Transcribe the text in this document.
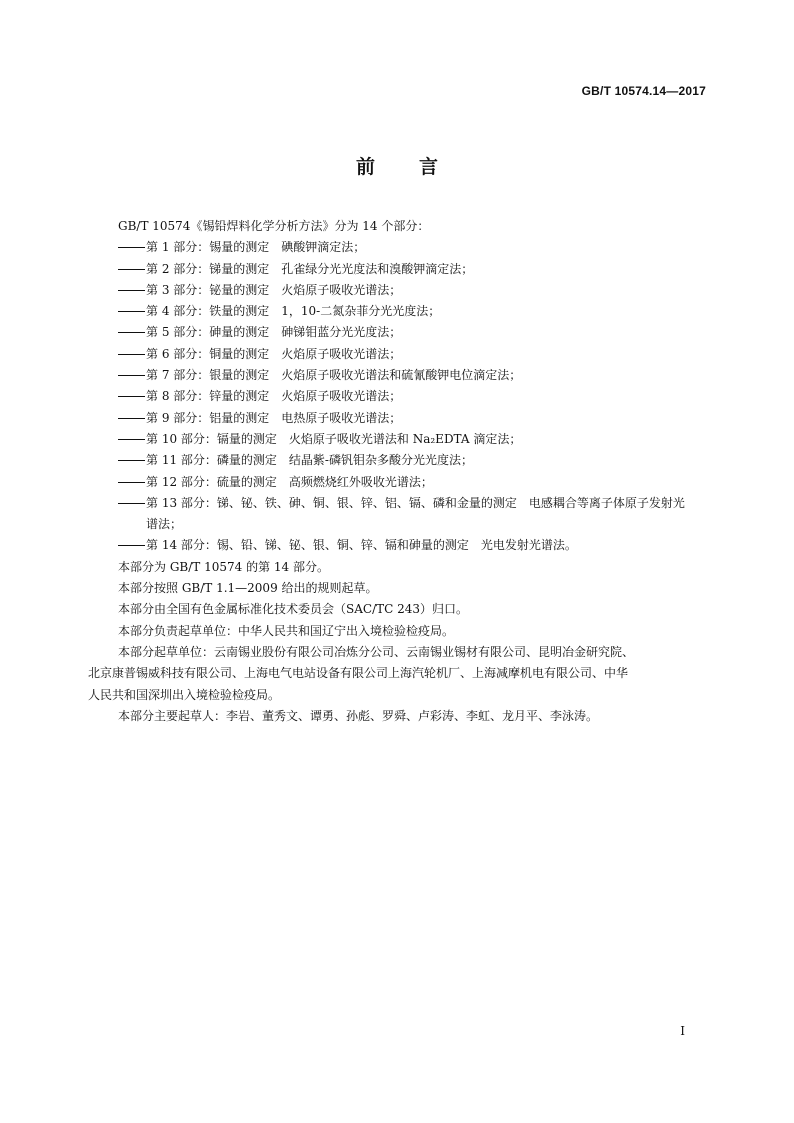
GB/T 10574.14—2017
前 言
GB/T 10574《锡铅焊料化学分析方法》分为 14 个部分：
第 1 部分：锡量的测定　碘酸钾滴定法；
第 2 部分：锑量的测定　孔雀绿分光光度法和溴酸钾滴定法；
第 3 部分：铋量的测定　火焰原子吸收光谱法；
第 4 部分：铁量的测定　1，10-二氮杂菲分光光度法；
第 5 部分：砷量的测定　砷锑钼蓝分光光度法；
第 6 部分：铜量的测定　火焰原子吸收光谱法；
第 7 部分：银量的测定　火焰原子吸收光谱法和硫氰酸钾电位滴定法；
第 8 部分：锌量的测定　火焰原子吸收光谱法；
第 9 部分：铝量的测定　电热原子吸收光谱法；
第 10 部分：镉量的测定　火焰原子吸收光谱法和 Na₂EDTA 滴定法；
第 11 部分：磷量的测定　结晶紫-磷钒钼杂多酸分光光度法；
第 12 部分：硫量的测定　高频燃烧红外吸收光谱法；
第 13 部分：锑、铋、铁、砷、铜、银、锌、铝、镉、磷和金量的测定　电感耦合等离子体原子发射光
谱法；
第 14 部分：锡、铅、锑、铋、银、铜、锌、镉和砷量的测定　光电发射光谱法。
本部分为 GB/T 10574 的第 14 部分。
本部分按照 GB/T 1.1—2009 给出的规则起草。
本部分由全国有色金属标准化技术委员会（SAC/TC 243）归口。
本部分负责起草单位：中华人民共和国辽宁出入境检验检疫局。
本部分起草单位：云南锡业股份有限公司冶炼分公司、云南锡业锡材有限公司、昆明冶金研究院、
北京康普锡威科技有限公司、上海电气电站设备有限公司上海汽轮机厂、上海减摩机电有限公司、中华
人民共和国深圳出入境检验检疫局。
本部分主要起草人：李岩、董秀文、谭勇、孙彪、罗舜、卢彩涛、李虹、龙月平、李泳涛。
I
